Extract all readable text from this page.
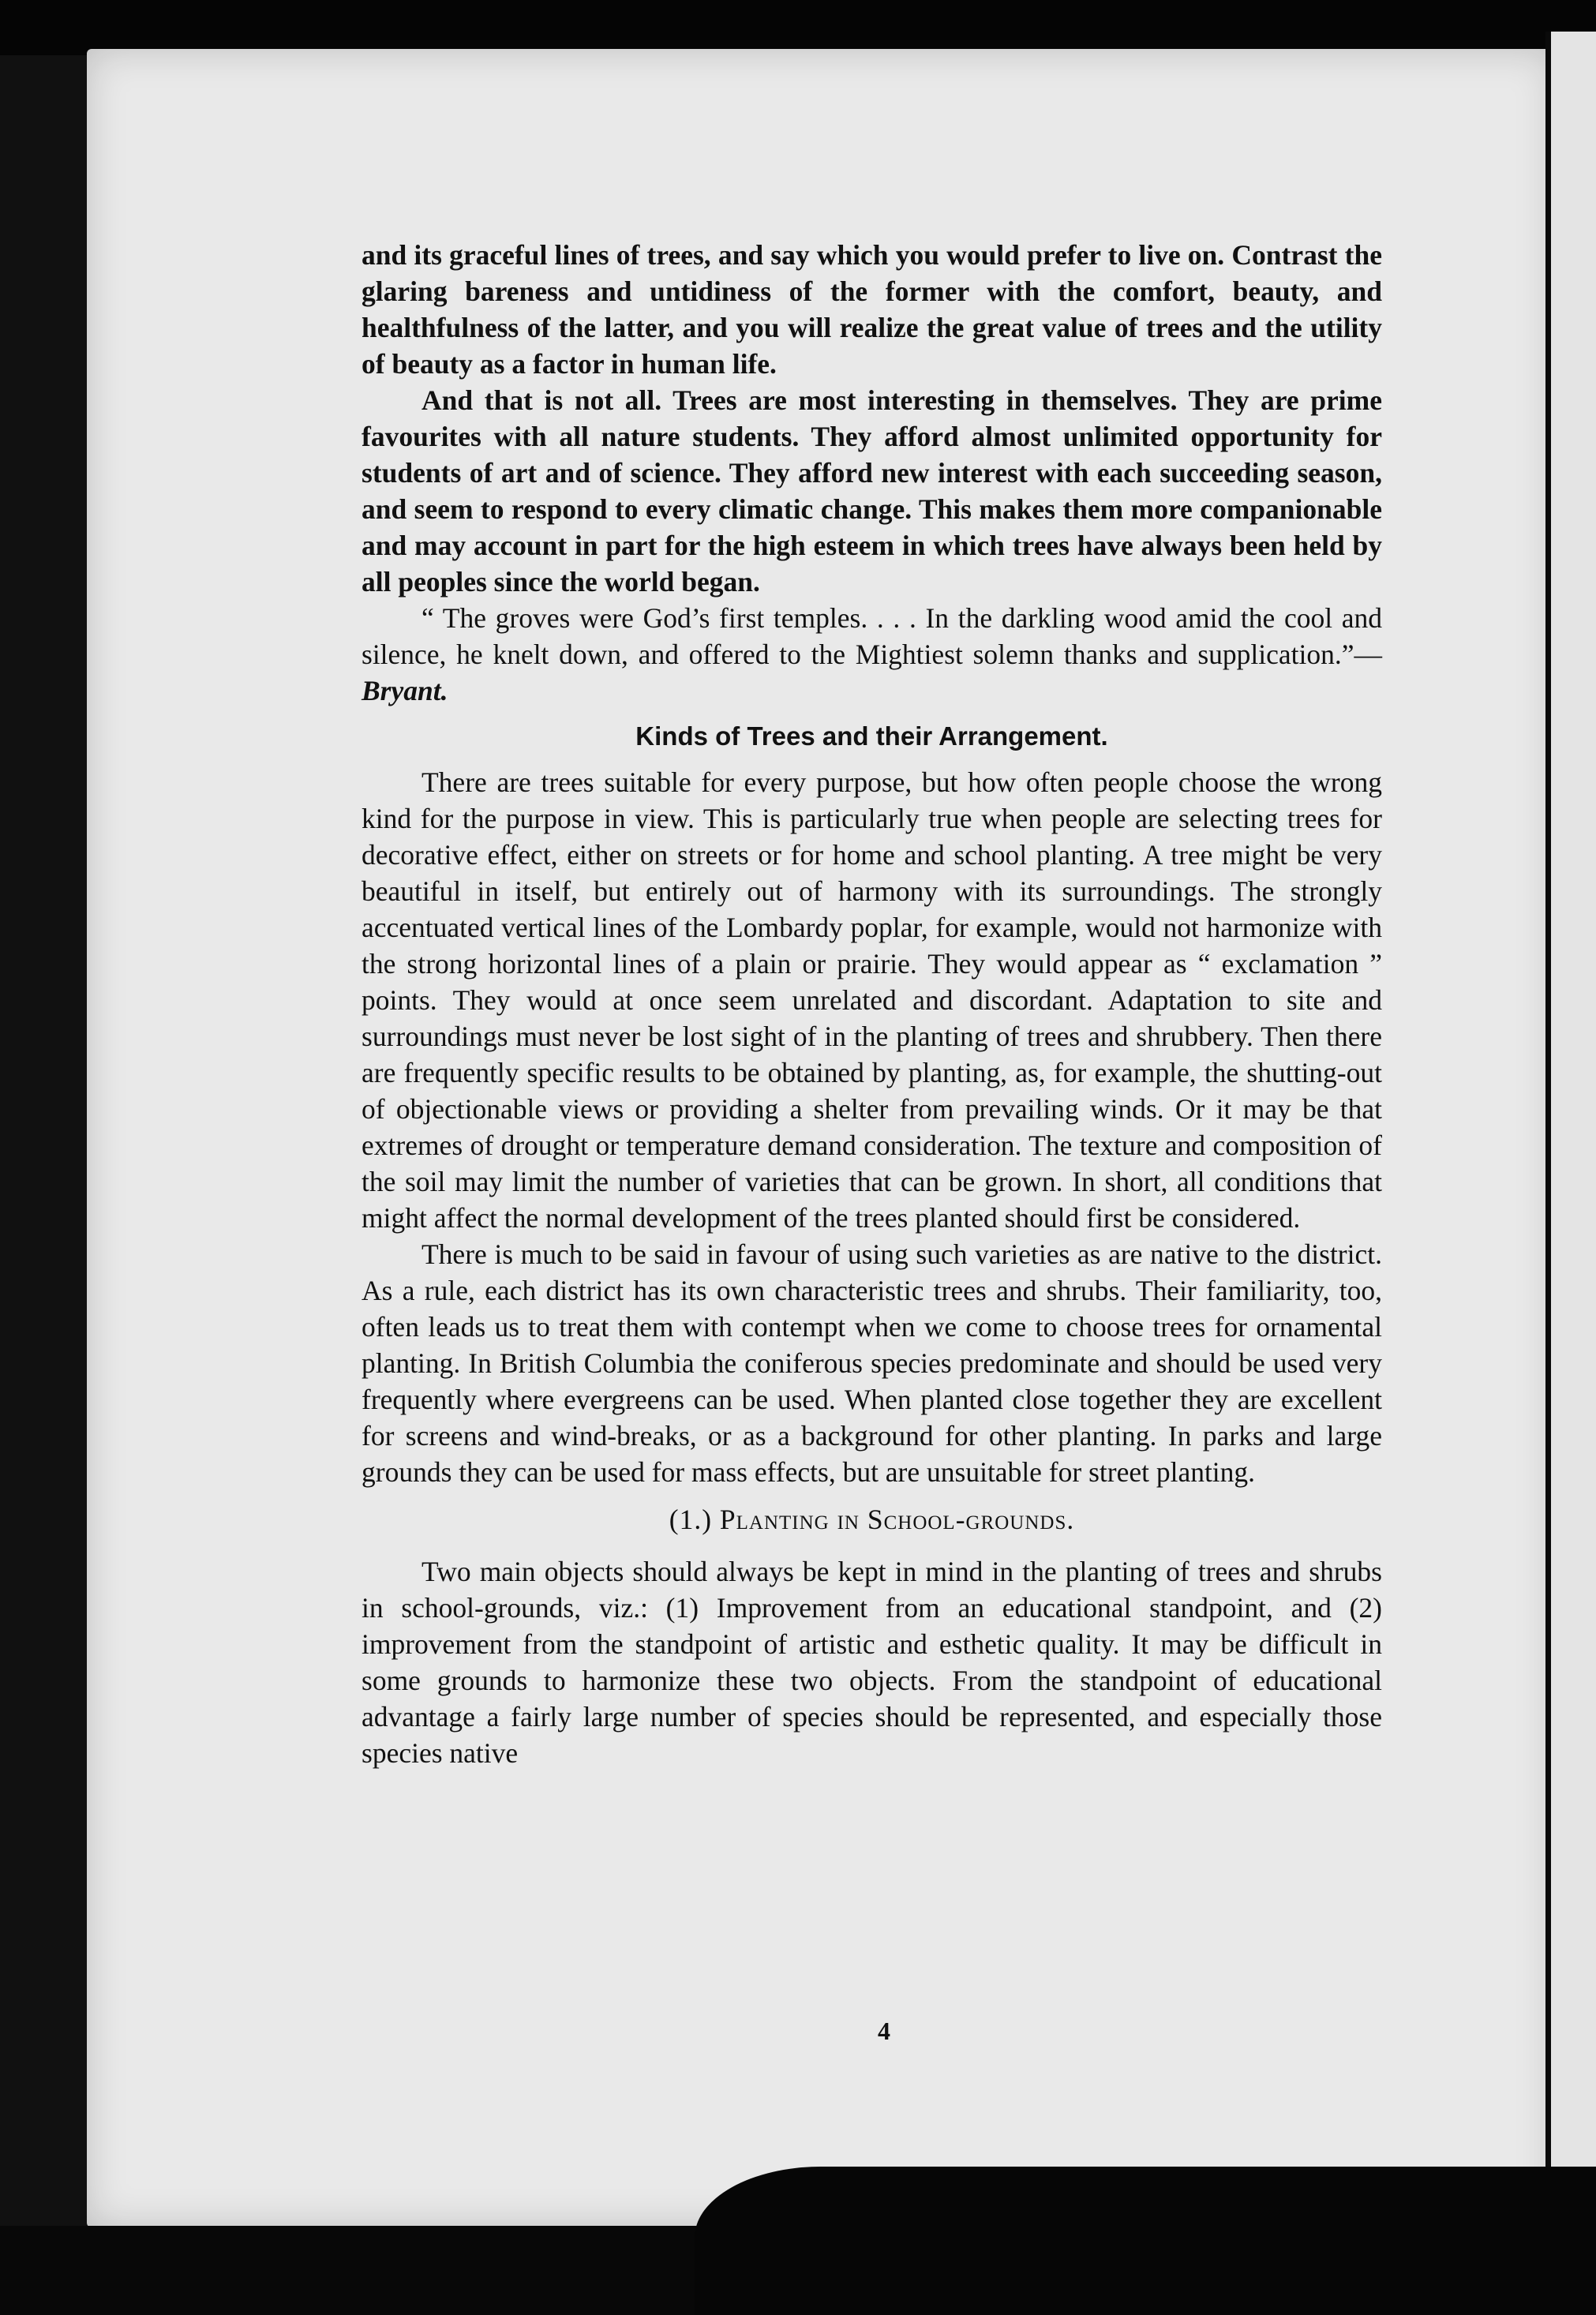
and its graceful lines of trees, and say which you would prefer to live on. Contrast the glaring bareness and untidiness of the former with the comfort, beauty, and healthfulness of the latter, and you will realize the great value of trees and the utility of beauty as a factor in human life.

And that is not all. Trees are most interesting in themselves. They are prime favourites with all nature students. They afford almost unlimited opportunity for students of art and of science. They afford new interest with each succeeding season, and seem to respond to every climatic change. This makes them more companionable and may account in part for the high esteem in which trees have always been held by all peoples since the world began.

“ The groves were God’s first temples. . . . In the darkling wood amid the cool and silence, he knelt down, and offered to the Mightiest solemn thanks and supplication.”—Bryant.

Kinds of Trees and their Arrangement.

There are trees suitable for every purpose, but how often people choose the wrong kind for the purpose in view. This is particularly true when people are selecting trees for decorative effect, either on streets or for home and school planting. A tree might be very beautiful in itself, but entirely out of harmony with its surroundings. The strongly accentuated vertical lines of the Lombardy poplar, for example, would not harmonize with the strong horizontal lines of a plain or prairie. They would appear as “ exclamation ” points. They would at once seem unrelated and discordant. Adaptation to site and surroundings must never be lost sight of in the planting of trees and shrubbery. Then there are frequently specific results to be obtained by planting, as, for example, the shutting-out of objectionable views or providing a shelter from prevailing winds. Or it may be that extremes of drought or temperature demand consideration. The texture and composition of the soil may limit the number of varieties that can be grown. In short, all conditions that might affect the normal development of the trees planted should first be considered.

There is much to be said in favour of using such varieties as are native to the district. As a rule, each district has its own characteristic trees and shrubs. Their familiarity, too, often leads us to treat them with contempt when we come to choose trees for ornamental planting. In British Columbia the coniferous species predominate and should be used very frequently where evergreens can be used. When planted close together they are excellent for screens and wind-breaks, or as a background for other planting. In parks and large grounds they can be used for mass effects, but are unsuitable for street planting.

(1.) Planting in School-grounds.

Two main objects should always be kept in mind in the planting of trees and shrubs in school-grounds, viz.: (1) Improvement from an educational standpoint, and (2) improvement from the standpoint of artistic and esthetic quality. It may be difficult in some grounds to harmonize these two objects. From the standpoint of educational advantage a fairly large number of species should be represented, and especially those species native

4
